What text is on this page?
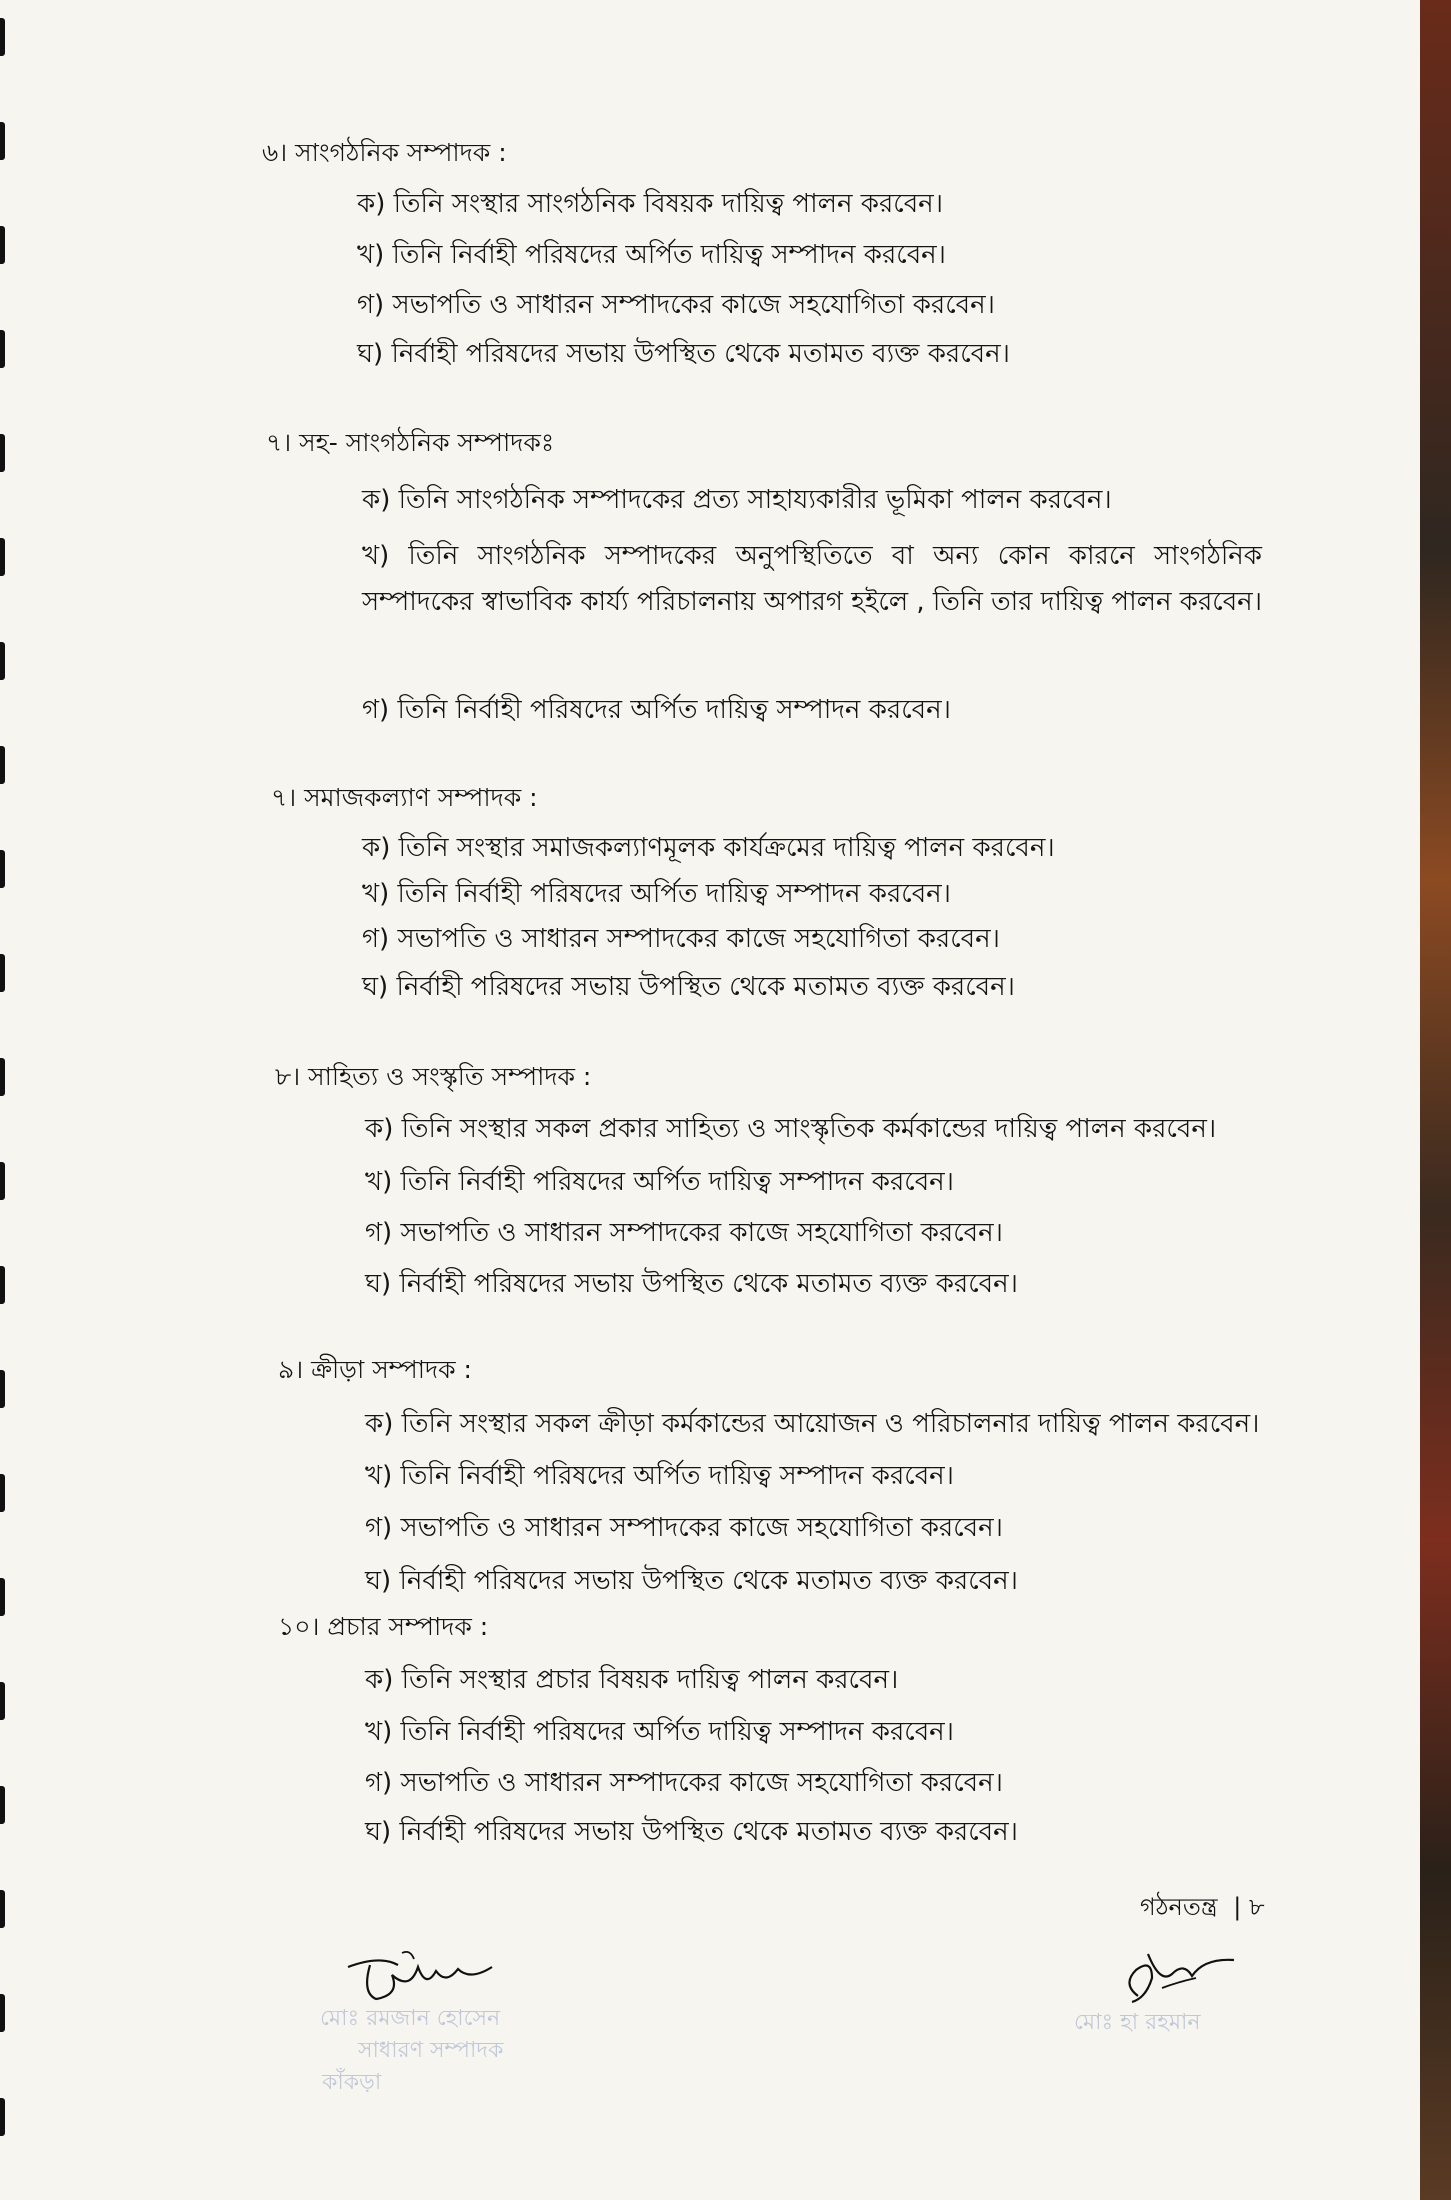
৬। সাংগঠনিক সম্পাদক :
ক) তিনি সংস্থার সাংগঠনিক বিষয়ক দায়িত্ব পালন করবেন।
খ) তিনি নির্বাহী পরিষদের অর্পিত দায়িত্ব সম্পাদন করবেন।
গ) সভাপতি ও সাধারন সম্পাদকের কাজে সহযোগিতা করবেন।
ঘ) নির্বাহী পরিষদের সভায় উপস্থিত থেকে মতামত ব্যক্ত করবেন।
৭। সহ- সাংগঠনিক সম্পাদকঃ
ক) তিনি সাংগঠনিক সম্পাদকের প্রত্য সাহায্যকারীর ভূমিকা পালন করবেন।
খ) তিনি সাংগঠনিক সম্পাদকের অনুপস্থিতিতে বা অন্য কোন কারনে সাংগঠনিক সম্পাদকের স্বাভাবিক কার্য্য পরিচালনায় অপারগ হইলে , তিনি তার দায়িত্ব পালন করবেন।
গ) তিনি নির্বাহী পরিষদের অর্পিত দায়িত্ব সম্পাদন করবেন।
৭। সমাজকল্যাণ সম্পাদক :
ক) তিনি সংস্থার সমাজকল্যাণমূলক কার্যক্রমের দায়িত্ব পালন করবেন।
খ) তিনি নির্বাহী পরিষদের অর্পিত দায়িত্ব সম্পাদন করবেন।
গ) সভাপতি ও সাধারন সম্পাদকের কাজে সহযোগিতা করবেন।
ঘ) নির্বাহী পরিষদের সভায় উপস্থিত থেকে মতামত ব্যক্ত করবেন।
৮। সাহিত্য ও সংস্কৃতি সম্পাদক :
ক) তিনি সংস্থার সকল প্রকার সাহিত্য ও সাংস্কৃতিক কর্মকান্ডের দায়িত্ব পালন করবেন।
খ) তিনি নির্বাহী পরিষদের অর্পিত দায়িত্ব সম্পাদন করবেন।
গ) সভাপতি ও সাধারন সম্পাদকের কাজে সহযোগিতা করবেন।
ঘ) নির্বাহী পরিষদের সভায় উপস্থিত থেকে মতামত ব্যক্ত করবেন।
৯। ক্রীড়া সম্পাদক :
ক) তিনি সংস্থার সকল ক্রীড়া কর্মকান্ডের আয়োজন ও পরিচালনার দায়িত্ব পালন করবেন।
খ) তিনি নির্বাহী পরিষদের অর্পিত দায়িত্ব সম্পাদন করবেন।
গ) সভাপতি ও সাধারন সম্পাদকের কাজে সহযোগিতা করবেন।
ঘ) নির্বাহী পরিষদের সভায় উপস্থিত থেকে মতামত ব্যক্ত করবেন।
১০। প্রচার সম্পাদক :
ক) তিনি সংস্থার প্রচার বিষয়ক দায়িত্ব পালন করবেন।
খ) তিনি নির্বাহী পরিষদের অর্পিত দায়িত্ব সম্পাদন করবেন।
গ) সভাপতি ও সাধারন সম্পাদকের কাজে সহযোগিতা করবেন।
ঘ) নির্বাহী পরিষদের সভায় উপস্থিত থেকে মতামত ব্যক্ত করবেন।
গঠনতন্ত্র | ৮
মোঃ রমজান হোসেন
সাধারণ সম্পাদক
কাঁকড়া
মোঃ হা রহমান
